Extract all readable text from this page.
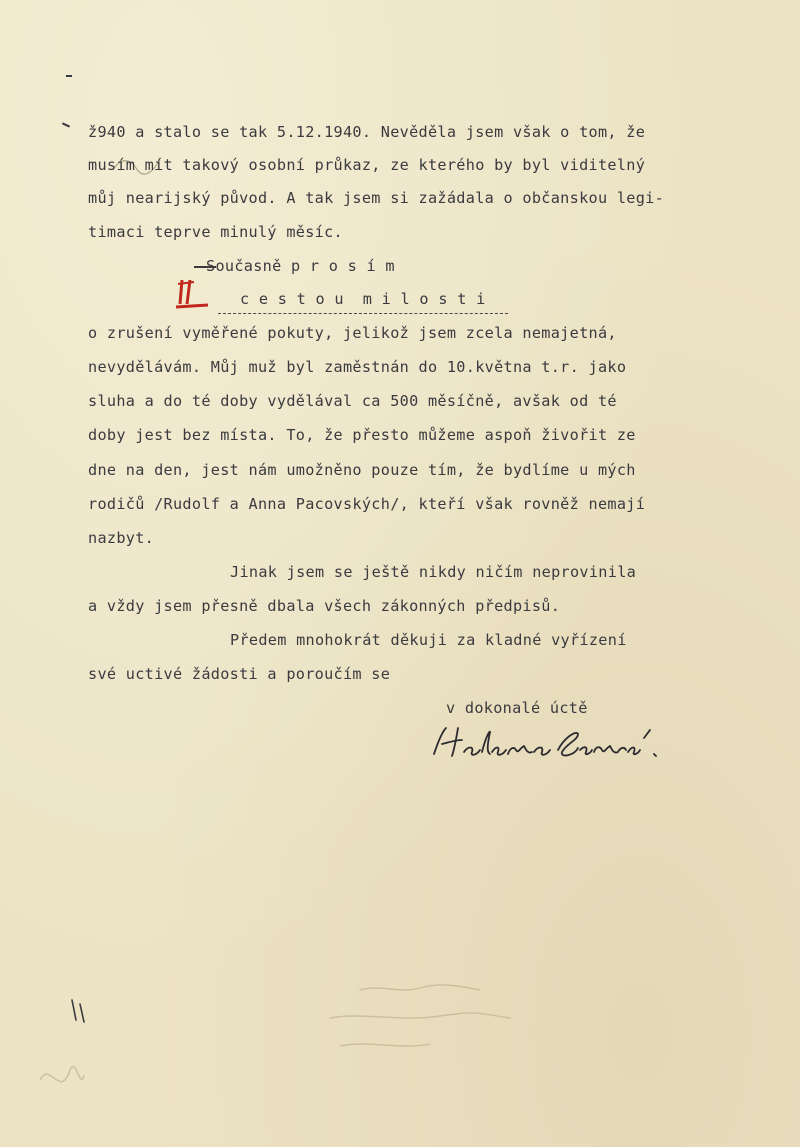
ž940 a stalo se tak 5.12.1940. Nevěděla jsem však o tom, že
musím mít takový osobní průkaz, ze kterého by byl viditelný
můj nearijský původ. A tak jsem si zažádala o občanskou legi-
timaci teprve minulý měsíc.
Současně p r o s í m
c e s t o u  m i l o s t i
o zrušení vyměřené pokuty, jelikož jsem zcela nemajetná,
nevydělávám. Můj muž byl zaměstnán do 10.května t.r. jako
sluha a do té doby vydělával ca 500 měsíčně, avšak od té
doby jest bez místa. To, že přesto můžeme aspoň živořit ze
dne na den, jest nám umožněno pouze tím, že bydlíme u mých
rodičů /Rudolf a Anna Pacovských/, kteří však rovněž nemají
nazbyt.
Jinak jsem se ještě nikdy ničím neprovinila
a vždy jsem přesně dbala všech zákonných předpisů.
Předem mnohokrát děkuji za kladné vyřízení
své uctivé žádosti a poroučím se
v dokonalé úctě
